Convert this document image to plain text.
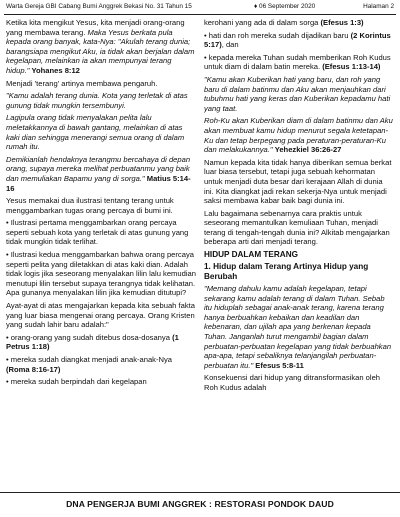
Warta Gereja GBI Cabang Bumi Anggrek Bekasi No. 31 Tahun 15	♦ 06 September 2020	Halaman 2

Ketika kita mengikut Yesus, kita menjadi orang-orang yang membawa terang. Maka Yesus berkata pula kepada orang banyak, kata-Nya: "Akulah terang dunia; barangsiapa mengikut Aku, ia tidak akan berjalan dalam kegelapan, melainkan ia akan mempunyai terang hidup." Yohanes 8:12

Menjadi 'terang' artinya membawa pengaruh.

"Kamu adalah terang dunia. Kota yang terletak di atas gunung tidak mungkin tersembunyi.

Lagipula orang tidak menyalakan pelita lalu meletakkannya di bawah gantang, melainkan di atas kaki dian sehingga menerangi semua orang di dalam rumah itu.

Demikianlah hendaknya terangmu bercahaya di depan orang, supaya mereka melihat perbuatanmu yang baik dan memuliakan Bapamu yang di sorga." Matius 5:14-16

Yesus memakai dua ilustrasi tentang terang untuk menggambarkan tugas orang percaya di bumi ini.

• Ilustrasi pertama menggambarkan orang percaya seperti sebuah kota yang terletak di atas gunung yang tidak mungkin tidak terlihat.

• Ilustrasi kedua menggambarkan bahwa orang percaya seperti pelita yang diletakkan di atas kaki dian. Adalah tidak logis jika seseorang menyalakan lilin lalu kemudian menutupi lilin tersebut supaya terangnya tidak kelihatan. Apa gunanya menyalakan lilin jika kemudian ditutupi?

Ayat-ayat di atas mengajarkan kepada kita sebuah fakta yang luar biasa mengenai orang percaya. Orang Kristen yang sudah lahir baru adalah:"

• orang-orang yang sudah ditebus dosa-dosanya (1 Petrus 1:18)

• mereka sudah diangkat menjadi anak-anak-Nya (Roma 8:16-17)

• mereka sudah berpindah dari kegelapan

kerohani yang ada di dalam sorga (Efesus 1:3)

• hati dan roh mereka sudah dijadikan baru (2 Korintus 5:17), dan

• kepada mereka Tuhan sudah memberikan Roh Kudus untuk diam di dalam batin mereka. (Efesus 1:13-14)

"Kamu akan Kuberikan hati yang baru, dan roh yang baru di dalam batinmu dan Aku akan menjauhkan dari tubuhmu hati yang keras dan Kuberikan kepadamu hati yang taat.

Roh-Ku akan Kuberikan diam di dalam batinmu dan Aku akan membuat kamu hidup menurut segala ketetapan-Ku dan tetap berpegang pada peraturan-peraturan-Ku dan melakukannya." Yehezkiel 36:26-27

Namun kepada kita tidak hanya diberikan semua berkat luar biasa tersebut, tetapi juga sebuah kehormatan untuk menjadi duta besar dari kerajaan Allah di dunia ini. Kita diangkat jadi rekan sekerja-Nya untuk menjadi saksi membawa kabar baik bagi dunia ini.

Lalu bagaimana sebenarnya cara praktis untuk seseorang memantulkan kemuliaan Tuhan, menjadi terang di tengah-tengah dunia ini? Alkitab mengajarkan beberapa arti dari menjadi terang.

HIDUP DALAM TERANG
1. Hidup dalam Terang Artinya Hidup yang Berubah

"Memang dahulu kamu adalah kegelapan, tetapi sekarang kamu adalah terang di dalam Tuhan. Sebab itu hiduplah sebagai anak-anak terang, karena terang hanya berbuahkan kebaikan dan keadilan dan kebenaran, dan ujilah apa yang berkenan kepada Tuhan. Janganlah turut mengambil bagian dalam perbuatan-perbuatan kegelapan yang tidak berbuahkan apa-apa, tetapi sebaliknya telanjangilah perbuatan-perbuatan itu." Efesus 5:8-11

Konsekuensi dari hidup yang ditransformasikan oleh Roh Kudus adalah

DNA PENGERJA BUMI ANGGREK : RESTORASI PONDOK DAUD
